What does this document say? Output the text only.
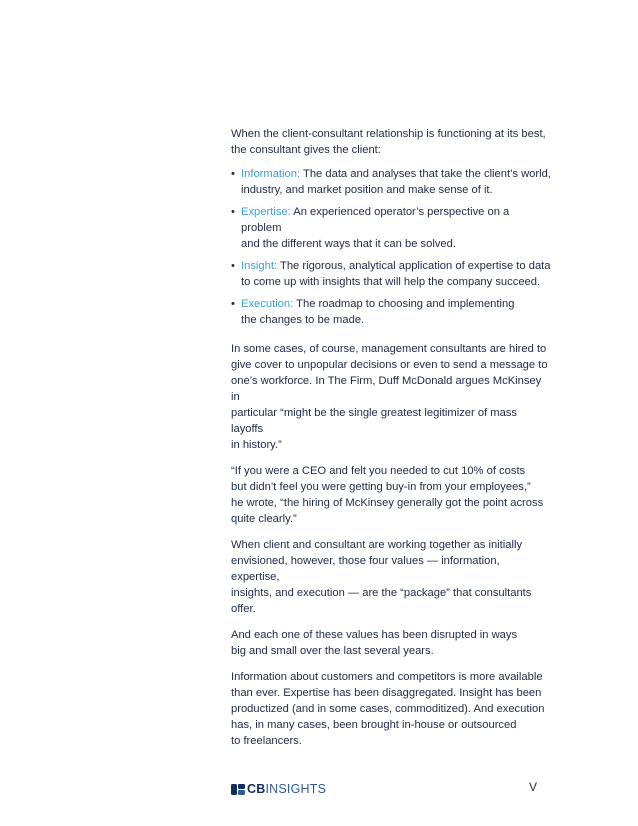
When the client-consultant relationship is functioning at its best,
the consultant gives the client:

• Information: The data and analyses that take the client’s world,
industry, and market position and make sense of it.
• Expertise: An experienced operator’s perspective on a problem
and the different ways that it can be solved.
• Insight: The rigorous, analytical application of expertise to data
to come up with insights that will help the company succeed.
• Execution: The roadmap to choosing and implementing
the changes to be made.

In some cases, of course, management consultants are hired to
give cover to unpopular decisions or even to send a message to
one’s workforce. In The Firm, Duff McDonald argues McKinsey in
particular “might be the single greatest legitimizer of mass layoffs
in history.”

“If you were a CEO and felt you needed to cut 10% of costs
but didn’t feel you were getting buy-in from your employees,”
he wrote, “the hiring of McKinsey generally got the point across
quite clearly.”

When client and consultant are working together as initially
envisioned, however, those four values — information, expertise,
insights, and execution — are the “package” that consultants offer.

And each one of these values has been disrupted in ways
big and small over the last several years.

Information about customers and competitors is more available
than ever. Expertise has been disaggregated. Insight has been
productized (and in some cases, commoditized). And execution
has, in many cases, been brought in-house or outsourced
to freelancers.

CBINSIGHTS	V
